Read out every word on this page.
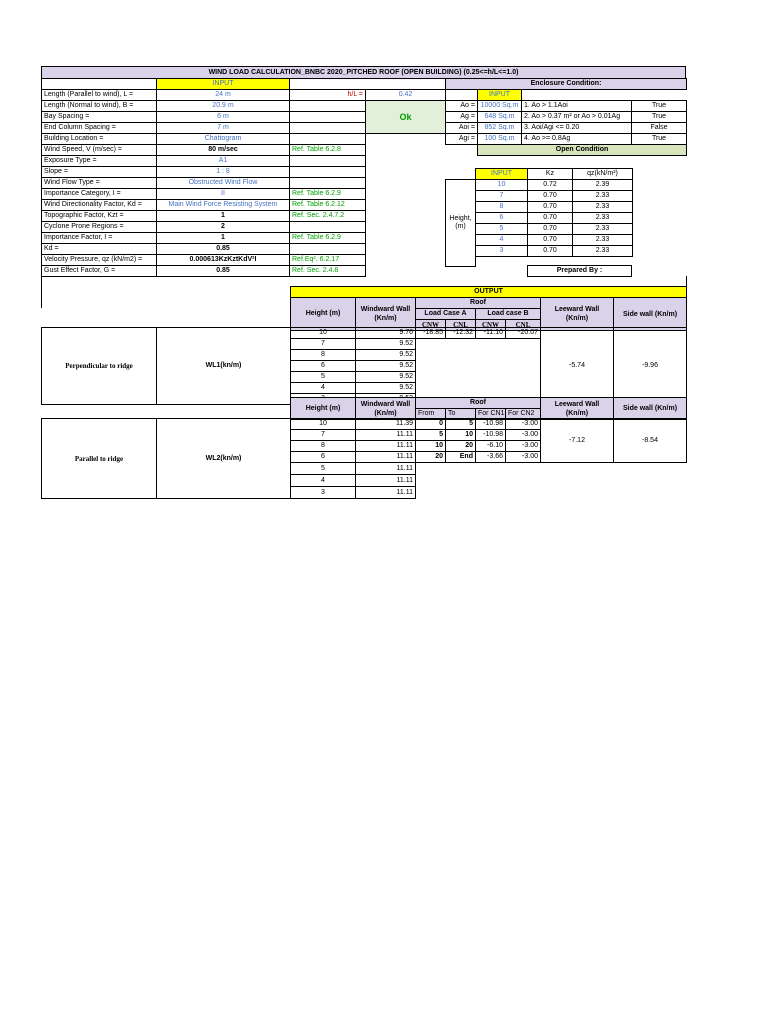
WIND LOAD CALCULATION_BNBC 2020_PITCHED ROOF (OPEN BUILDING) (0.25<=h/L<=1.0)
	INPUT		
Length (Parallel to wind), L =	24 m	h/L =	0.42
Length (Normal to wind), B =	20.9 m		Ok
Bay Spacing =	6 m		
End Column Spacing =	7 m		
Building Location =	Chattogram		
Wind Speed, V (m/sec) =	80 m/sec	Ref. Table 6.2.8	
Exposure Type =	A1		
Slope =	1 : 8		
Wind Flow Type =	Obstructed Wind Flow		
Importance Category, I =	II	Ref. Table 6.2.9	
Wind Directionality Factor, Kd =	Main Wind Force Resisting System	Ref. Table 6.2.12	
Topographic Factor, Kzt =	1	Ref. Sec. 2.4.7.2	
Cyclone Prone Regions =	2		
Importance Factor, I =	1	Ref. Table 6.2.9	
Kd =	0.85		
Velocity Pressure, qz (kN/m2) =	0.000613KzKztKdV²I	Ref.Eq². 6.2.17	
Gust Effect Factor, G =	0.85	Ref. Sec. 2.4.8	
Enclosure Condition:			
	INPUT		
Ao =	10000 Sq.m	1. Ao > 1.1Aoi	True
Ag =	648 Sq.m	2. Ao > 0.37 m² or Ao > 0.01Ag	True
Aoi =	852 Sq.m	3. Aoi/Agi <= 0.20	False
Agi =	100 Sq.m	4. Ao >= 0.8Ag	True
	Open Condition		
	INPUT	Kz	qz(kN/m²)
Height, (m)	10	0.72	2.39
	7	0.70	2.33
	8	0.70	2.33
	6	0.70	2.33
	5	0.70	2.33
	4	0.70	2.33
	3	0.70	2.33

Prepared By :
OUTPUT							
Height (m)	Windward Wall (Kn/m)	Roof				Leeward Wall (Kn/m)	Side wall (Kn/m)
		Load Case A		Load case B			
		CNW	CNL	CNW	CNL		
Perpendicular to ridge	WL1(kn/m)	10	9.76	-18.85	-12.32	-11.10	-20.07	-5.74	-9.96
		7	9.52						
		8	9.52						
		6	9.52						
		5	9.52						
		4	9.52						

Height (m)	Windward Wall (Kn/m)	Roof				Leeward Wall (Kn/m)	Side wall (Kn/m)
		From	To	For CN1	For CN2		
Parallel to ridge	WL2(kn/m)	10	11.39	0	5	-10.98	-3.00	-7.12	-8.54
		7	11.11	5	10	-10.98	-3.00		
		8	11.11	10	20	-6.10	-3.00		
		6	11.11	20	End	-3.66	-3.00		
		5	11.11						
		4	11.11						
		3	11.11						
